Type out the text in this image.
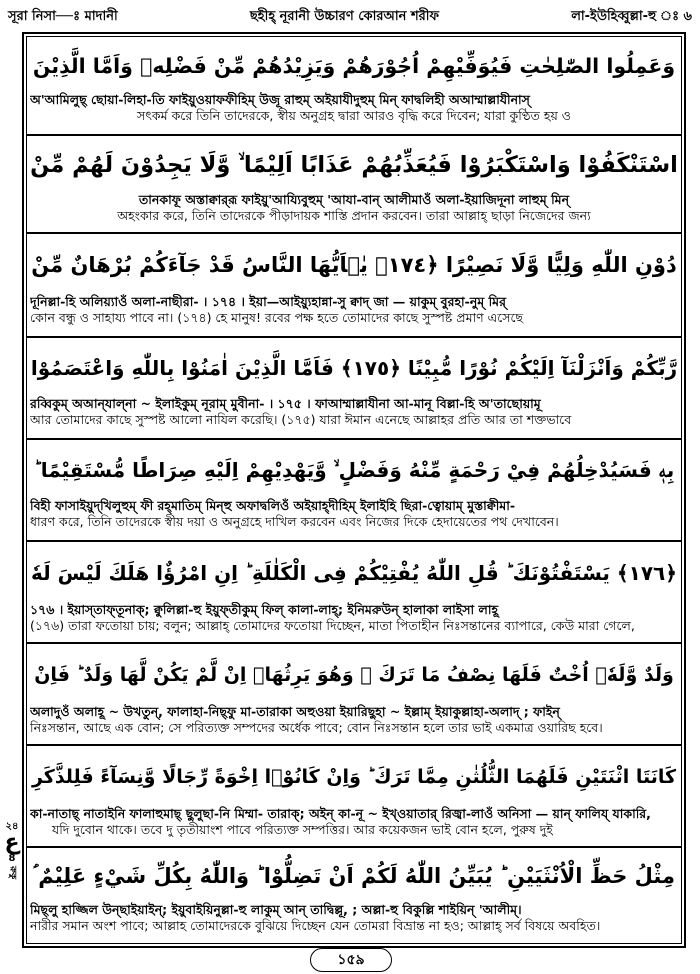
সূরা নিসা—ঃ মাদানী	ছহীহ্ নূরানী উচ্চারণ কোরআন শরীফ	লা-ইউহিব্বুল্লা-হু ঃ ৬
وَعَمِلُوا الصّٰلِحٰتِ فَيُوَفِّيْهِمْ اُجُوْرَهُمْ وَيَزِيْدُهُمْ مِّنْ فَضْلِهٖ وَاَمَّا الَّذِيْنَ
অ'আমিলুছ্ ছোয়া-লিহা-তি ফাইয়ুওয়াফফীহিম্ উজূ রাহুম্ অইয়াযীদুহুম্ মিন্ ফাদ্বলিহী অআম্মাল্লাযীনাস্
সৎকর্ম করে তিনি তাদেরকে, স্বীয় অনুগ্রহ দ্বারা আরও বৃদ্ধি করে দিবেন; যারা কুণ্ঠিত হয় ও
اسْتَنْكَفُوْا وَاسْتَكْبَرُوْا فَيُعَذِّبُهُمْ عَذَابًا اَلِيْمًا ۙ وَّلَا يَجِدُوْنَ لَهُمْ مِّنْ
তানকাফূ অস্তাক্বার্‌রূ ফাইয়ু'আয্যিবুহুম্ 'আযা-বান্ আলীমাওঁ অলা-ইয়াজিদূনা লাহুম্ মিন্
অহংকার করে, তিনি তাদেরকে পীড়াদায়ক শাস্তি প্রদান করবেন। তারা আল্লাহ্ ছাড়া নিজেদের জন্য
دُوْنِ اللّٰهِ وَلِيًّا وَّلَا نَصِيْرًا ﴿١٧٤﴾ يٰۤاَيُّهَا النَّاسُ قَدْ جَآءَكُمْ بُرْهَانٌ مِّنْ
দূনিল্লা-হি অলিয়্যাওঁ অলা-নাছীরা- । ১৭৪ । ইয়া—আইয়্যুহান্না-সু ক্বাদ্ জা — য়াকুম্ বুরহা-নুম্ মির্
কোন বন্ধু ও সাহায্য পাবে না। (১৭৪) হে মানুষ! রবের পক্ষ হতে তোমাদের কাছে সুস্পষ্ট প্রমাণ এসেছে
رَّبِّكُمْ وَاَنْزَلْنَآ اِلَيْكُمْ نُوْرًا مُّبِيْنًا ﴿١٧٥﴾ فَاَمَّا الَّذِيْنَ اٰمَنُوْا بِاللّٰهِ وَاعْتَصَمُوْا
রব্বিকুম্ অআন্‌যাল্‌না ~ ইলাইকুম্ নূরাম্ মুবীনা- । ১৭৫ । ফাআম্মাল্লাযীনা আ-মানূ বিল্লা-হি অ'তাছোয়ামূ
আর তোমাদের কাছে সুস্পষ্ট আলো নাযিল করেছি। (১৭৫) যারা ঈমান এনেছে আল্লাহর প্রতি আর তা শক্তভাবে
بِهٖ فَسَيُدْخِلُهُمْ فِيْ رَحْمَةٍ مِّنْهُ وَفَضْلٍ ۙ وَّيَهْدِيْهِمْ اِلَيْهِ صِرَاطًا مُّسْتَقِيْمًا ؕ
বিহী ফাসাইয়ুদ্‌খিলুহুম্ ফী রহ্‌মাতিম্ মিন্‌হু অফাদ্বলিওঁ অইয়াহ্‌দীহিম্ ইলাইহি ছিরা-ত্বোয়াম্ মুস্তাক্বীমা-
ধারণ করে, তিনি তাদেরকে স্বীয় দয়া ও অনুগ্রহে দাখিল করবেন এবং নিজের দিকে হেদায়েতের পথ দেখাবেন।
﴿١٧٦﴾ يَسْتَفْتُوْنَكَ ؕ قُلِ اللّٰهُ يُفْتِيْكُمْ فِى الْكَلٰلَةِ ؕ اِنِ امْرُؤٌا هَلَكَ لَيْسَ لَهٗ
১৭৬ । ইয়াস্‌তাফ্‌তূনাক্; ক্বুলিল্লা-হু ইয়ুফ্‌তীকুম্ ফিল্ কালা-লাহ্; ইনিমরুউন্ হালাকা লাইসা লাহূ
(১৭৬) তারা ফতোয়া চায়; বলুন; আল্লাহ্ তোমাদের ফতোয়া দিচ্ছেন, মাতা পিতাহীন নিঃসন্তানের ব্যাপারে, কেউ মারা গেলে,
وَلَدٌ وَّلَهٗۤ اُخْتٌ فَلَهَا نِصْفُ مَا تَرَكَ ۚ وَهُوَ يَرِثُهَاۤ اِنْ لَّمْ يَكُنْ لَّهَا وَلَدٌ ؕ فَاِنْ
অলাদুওঁ অলাহূ ~ উখতুন্, ফালাহা-নিছ্‌ফু মা-তারাকা অহুওয়া ইয়ারিছুহা ~ ইল্লাম্ ইয়াকুল্লাহা-অলাদ্ ; ফাইন্
নিঃসন্তান, আছে এক বোন; সে পরিত্যক্ত সম্পদের অর্ধেক পাবে; বোন নিঃসন্তান হলে তার ভাই একমাত্র ওয়ারিছ হবে।
كَانَتَا اثْنَتَيْنِ فَلَهُمَا الثُّلُثٰنِ مِمَّا تَرَكَ ؕ وَاِنْ كَانُوْۤا اِخْوَةً رِّجَالًا وَّنِسَآءً فَلِلذَّكَرِ
কা-নাতাছ্ নাতাইনি ফালাহুমাছ্ ছুলুছা-নি মিম্মা- তারাক্; অইন্ কা-নূ ~ ইখ্‌ওয়াতার্ রিজ্বা-লাওঁ অনিসা — য়ান্ ফালিয্ যাকারি,
যদি দুবোন থাকে। তবে দু তৃতীয়াংশ পাবে পরিত্যক্ত সম্পত্তির। আর কয়েকজন ভাই বোন হলে, পুরুষ দুই
مِثْلُ حَظِّ الْاُنْثَيَيْنِ ؕ يُبَيِّنُ اللّٰهُ لَكُمْ اَنْ تَضِلُّوْا ؕ وَاللّٰهُ بِكُلِّ شَيْءٍ عَلِيْمٌ ؑ
মিছ্‌লু হাজ্জিল উন্‌ছাইয়াইন্; ইয়ুবাইয়িনুল্লা-হু লাকুম্ আন্ তাদ্বিল্লূ, ; অল্লা-হু বিকুল্লি শাইয়িন্ 'আলীম্।
নারীর সমান অংশ পাবে; আল্লাহ তোমাদেরকে বুঝিয়ে দিচ্ছেন যেন তোমরা বিভ্রান্ত না হও; আল্লাহ্ সর্ব বিষয়ে অবহিত।
২৪
ع
8
রুকু
১৫৯
